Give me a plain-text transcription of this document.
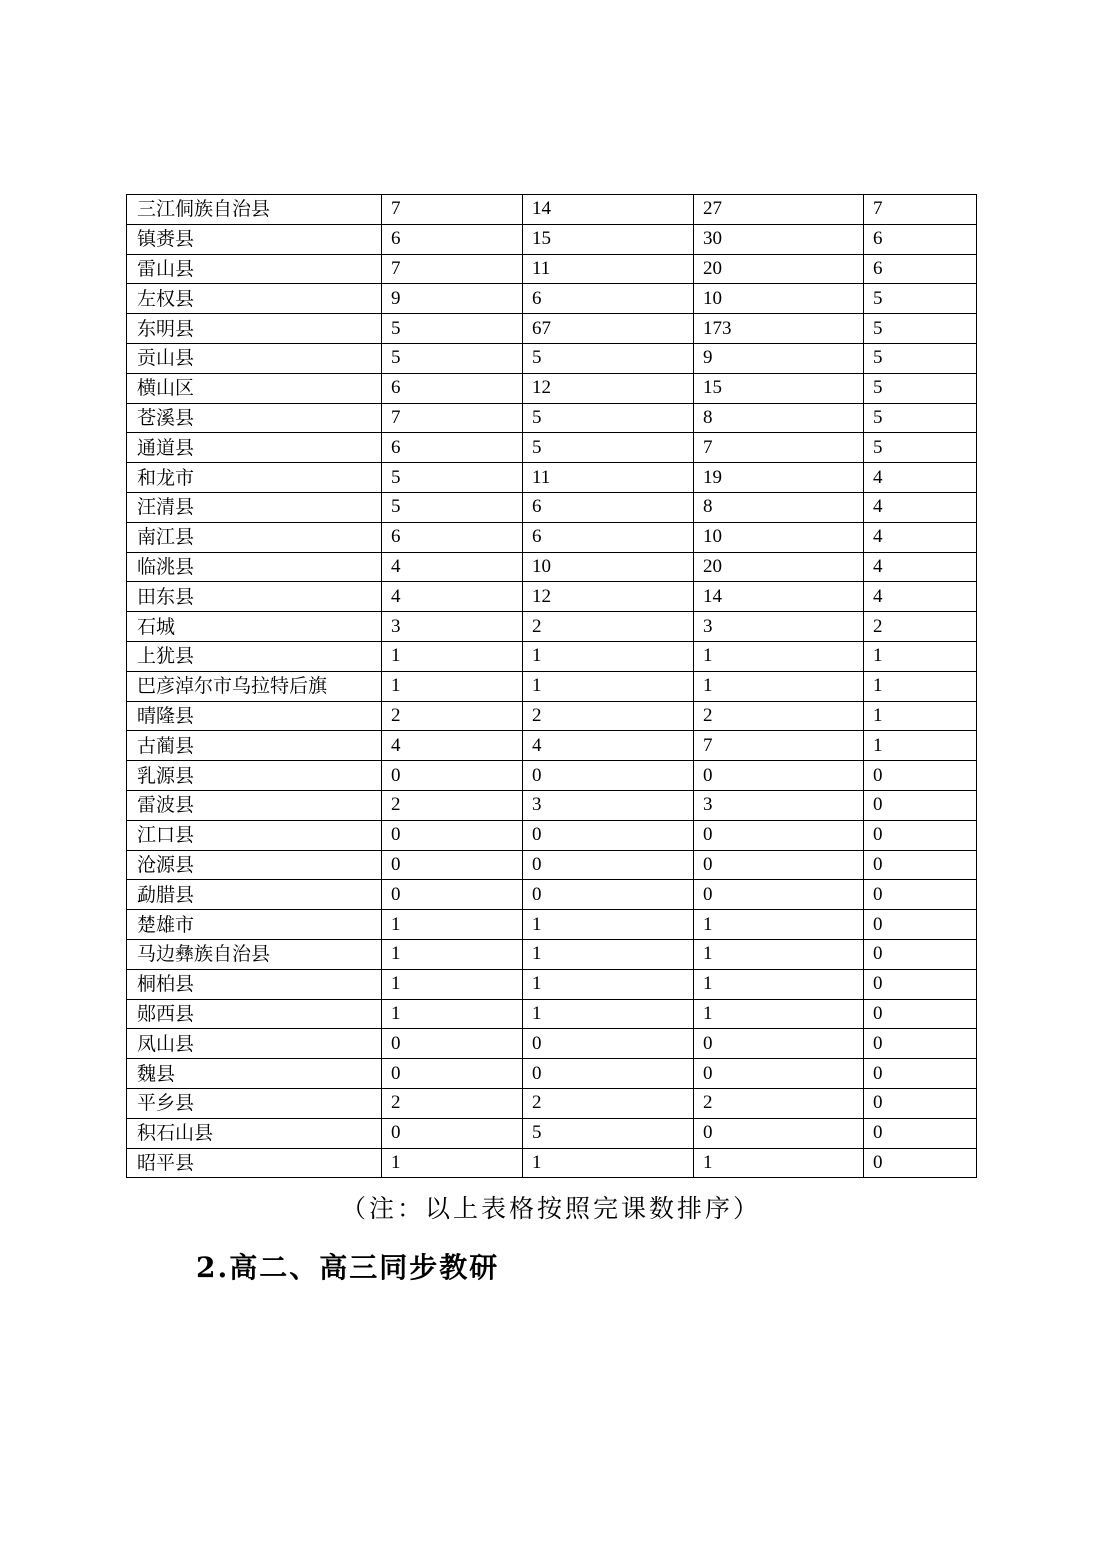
三江侗族自治县	7	14	27	7
镇赉县	6	15	30	6
雷山县	7	11	20	6
左权县	9	6	10	5
东明县	5	67	173	5
贡山县	5	5	9	5
横山区	6	12	15	5
苍溪县	7	5	8	5
通道县	6	5	7	5
和龙市	5	11	19	4
汪清县	5	6	8	4
南江县	6	6	10	4
临洮县	4	10	20	4
田东县	4	12	14	4
石城	3	2	3	2
上犹县	1	1	1	1
巴彦淖尔市乌拉特后旗	1	1	1	1
晴隆县	2	2	2	1
古蔺县	4	4	7	1
乳源县	0	0	0	0
雷波县	2	3	3	0
江口县	0	0	0	0
沧源县	0	0	0	0
勐腊县	0	0	0	0
楚雄市	1	1	1	0
马边彝族自治县	1	1	1	0
桐柏县	1	1	1	0
郧西县	1	1	1	0
凤山县	0	0	0	0
魏县	0	0	0	0
平乡县	2	2	2	0
积石山县	0	5	0	0
昭平县	1	1	1	0
（注：以上表格按照完课数排序）
2.高二、高三同步教研
